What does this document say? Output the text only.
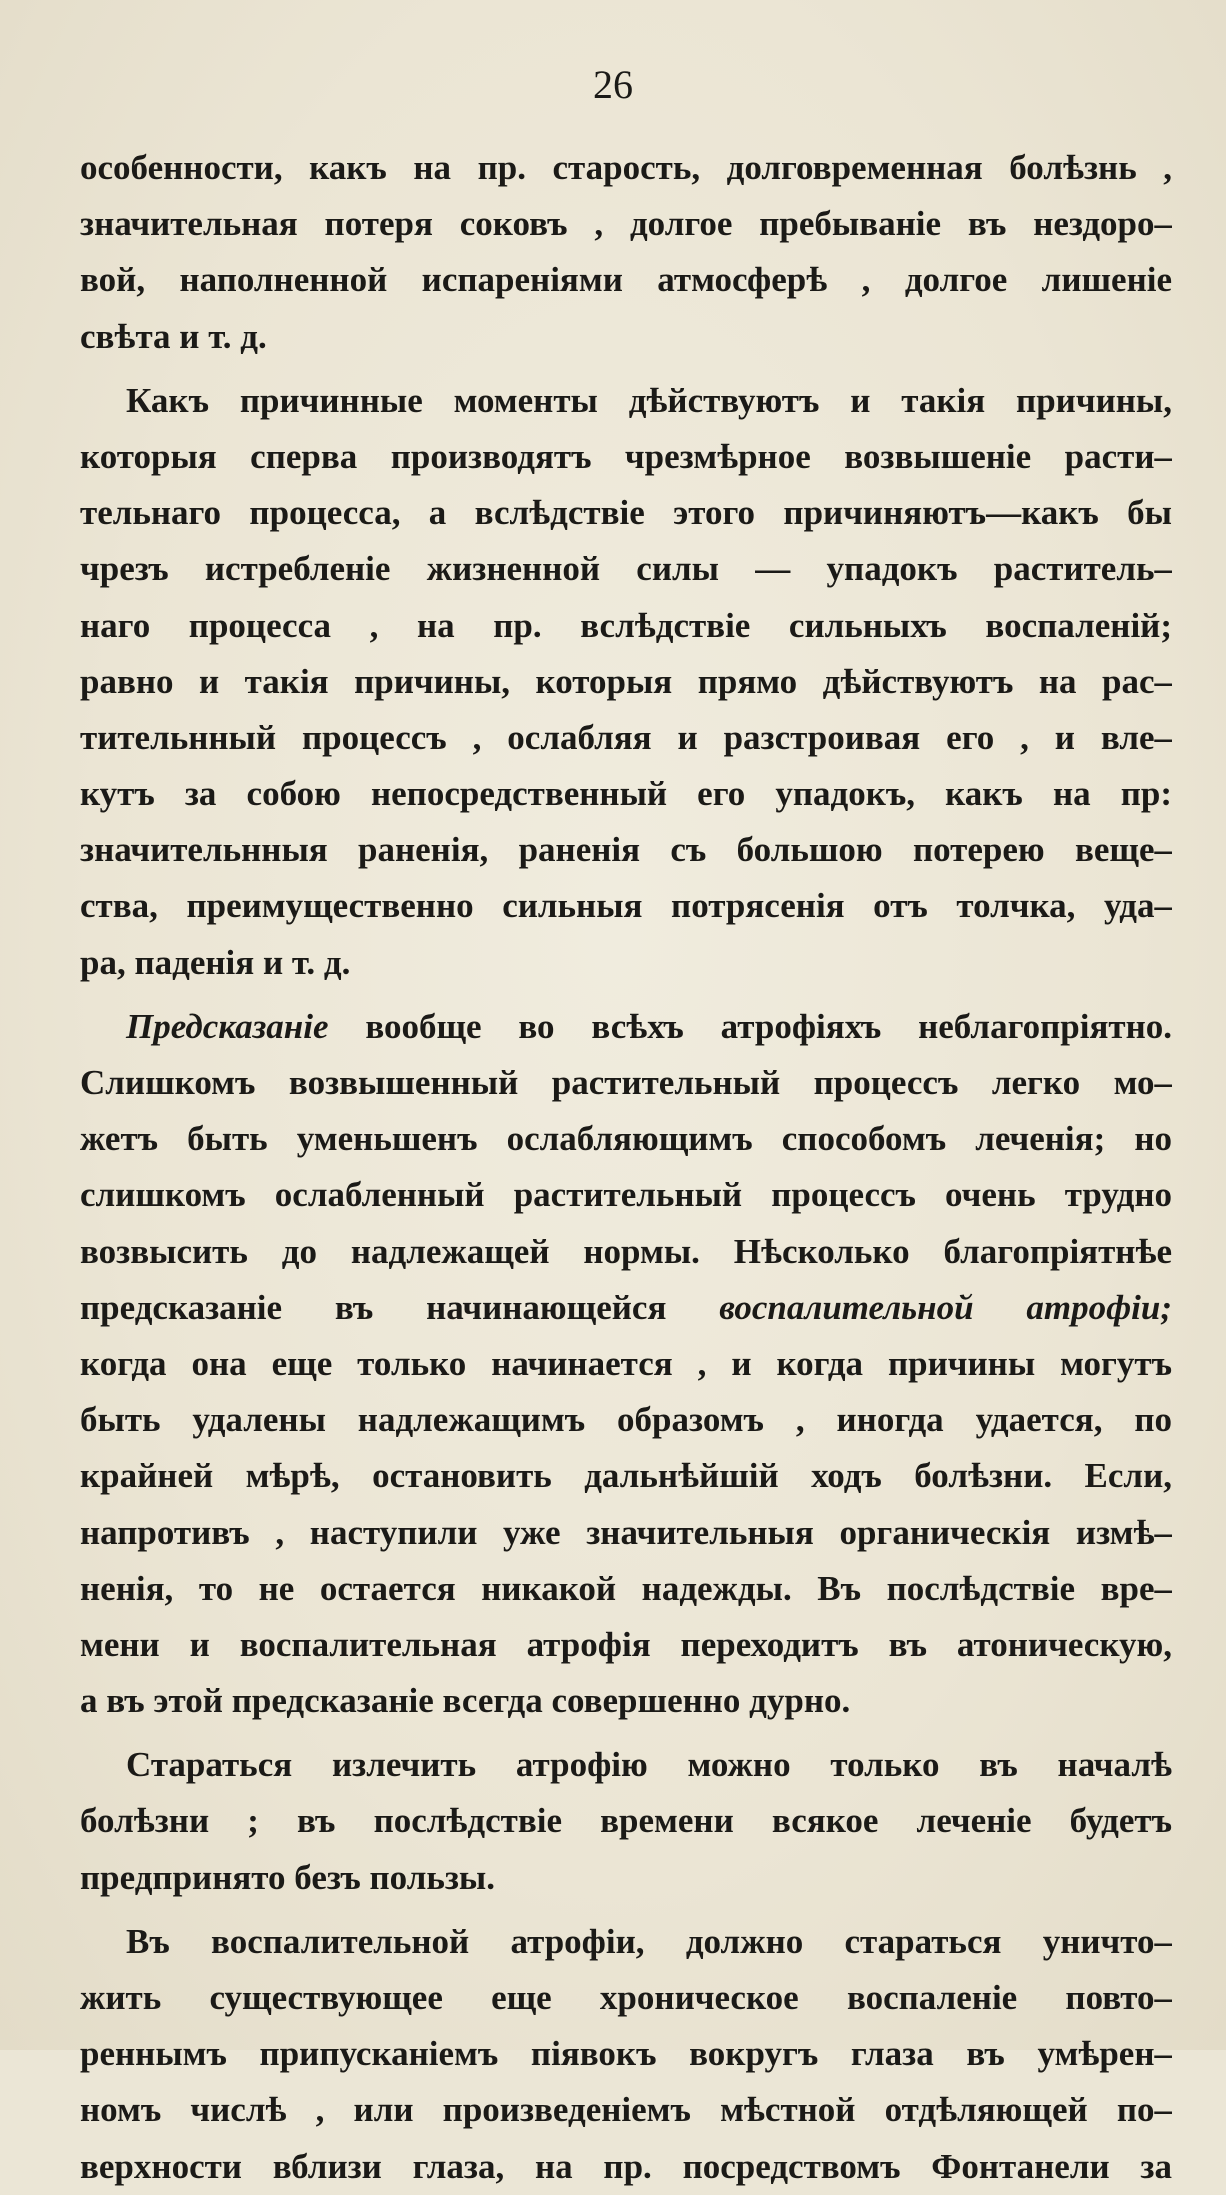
26
особенности, какъ на пр. старость, долговременная болѣзнь ,
значительная потеря соковъ , долгое пребываніе въ нездоро–
вой, наполненной испареніями атмосферѣ , долгое лишеніе
свѣта и т. д.
Какъ причинные моменты дѣйствуютъ и такія причины,
которыя сперва производятъ чрезмѣрное возвышеніе расти–
тельнаго процесса, а вслѣдствіе этого причиняютъ—какъ бы
чрезъ истребленіе жизненной силы — упадокъ раститель–
наго процесса , на пр. вслѣдствіе сильныхъ воспаленій;
равно и такія причины, которыя прямо дѣйствуютъ на рас–
тительнный процессъ , ослабляя и разстроивая его , и вле–
кутъ за собою непосредственный его упадокъ, какъ на пр:
значительнныя раненія, раненія съ большою потерею веще–
ства, преимущественно сильныя потрясенія отъ толчка, уда–
ра, паденія и т. д.
Предсказаніе вообще во всѣхъ атрофіяхъ неблагопріятно.
Слишкомъ возвышенный растительный процессъ легко мо–
жетъ быть уменьшенъ ослабляющимъ способомъ леченія; но
слишкомъ ослабленный растительный процессъ очень трудно
возвысить до надлежащей нормы. Нѣсколько благопріятнѣе
предсказаніе въ начинающейся воспалительной атрофіи;
когда она еще только начинается , и когда причины могутъ
быть удалены надлежащимъ образомъ , иногда удается, по
крайней мѣрѣ, остановить дальнѣйшій ходъ болѣзни. Если,
напротивъ , наступили уже значительныя органическія измѣ–
ненія, то не остается никакой надежды. Въ послѣдствіе вре–
мени и воспалительная атрофія переходитъ въ атоническую,
а въ этой предсказаніе всегда совершенно дурно.
Стараться излечить атрофію можно только въ началѣ
болѣзни ; въ послѣдствіе времени всякое леченіе будетъ
предпринято безъ пользы.
Въ воспалительной атрофіи, должно стараться уничто–
жить существующее еще хроническое воспаленіе повто–
реннымъ припусканіемъ піявокъ вокругъ глаза въ умѣрен–
номъ числѣ , или произведеніемъ мѣстной отдѣляющей по–
верхности вблизи глаза, на пр. посредствомъ Фонтанели за
